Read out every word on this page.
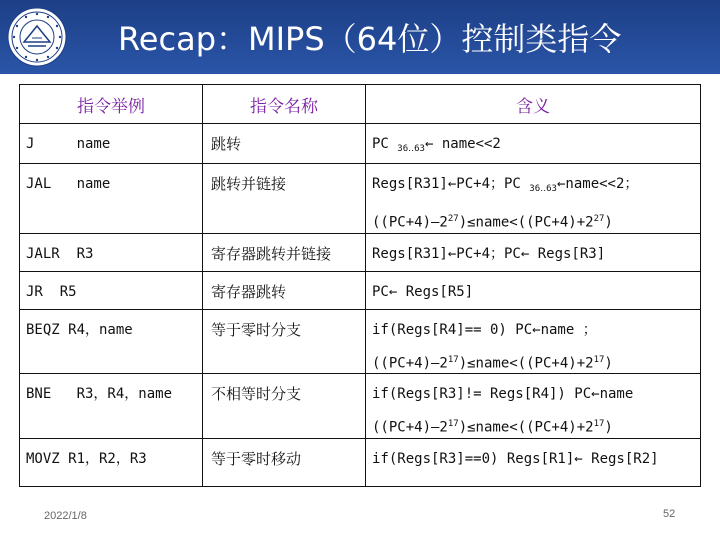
Recap：MIPS（64位）控制类指令
指令举例	指令名称	含义
J     name	跳转	PC $_{36‥63}$← name<<2

JAL   name	跳转并链接	Regs[R31]←PC+4；PC $_{36‥63}$←name<<2；
$((PC+4)—2^{27})\le name<((PC+4)+2^{27})$

JALR  R3	寄存器跳转并链接	Regs[R31]←PC+4；PC← Regs[R3]

JR  R5	寄存器跳转	PC← Regs[R5]

BEQZ R4，name	等于零时分支	if(Regs[R4]== 0) PC←name ；
$((PC+4)—2^{17})\le name<((PC+4)+2^{17})$

BNE   R3，R4，name	不相等时分支	if(Regs[R3]!= Regs[R4]) PC←name
$((PC+4)—2^{17})\le name<((PC+4)+2^{17})$

MOVZ R1，R2，R3	等于零时移动	if(Regs[R3]==0) Regs[R1]← Regs[R2]
2022/1/8	52
